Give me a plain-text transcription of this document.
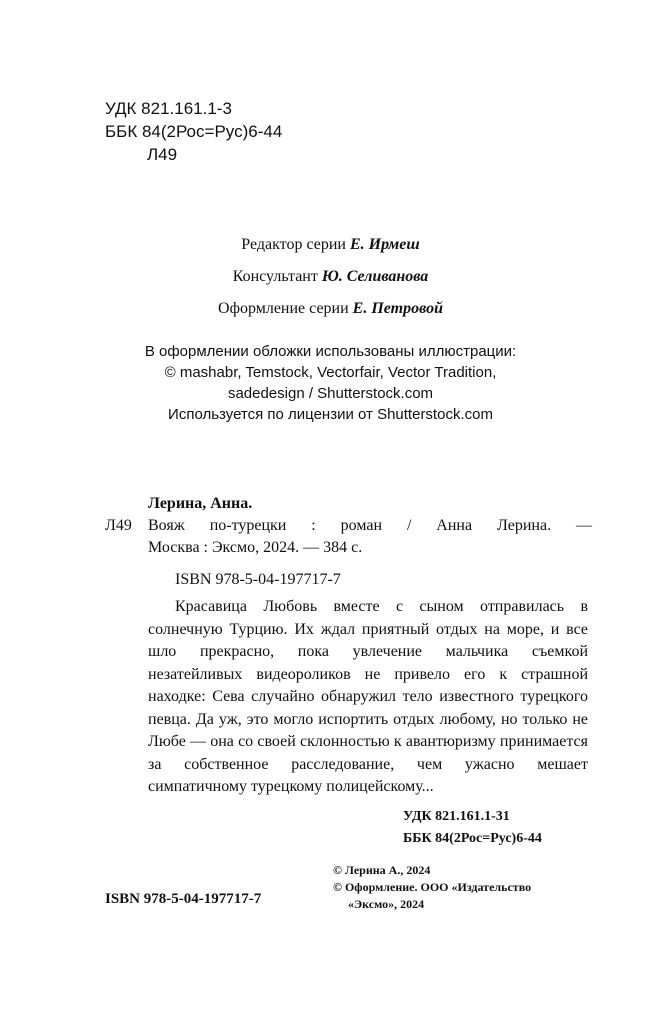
УДК 821.161.1-3
ББК 84(2Рос=Рус)6-44
Л49
Редактор серии Е. Ирмеш
Консультант Ю. Селиванова
Оформление серии Е. Петровой
В оформлении обложки использованы иллюстрации:
© mashabr, Temstock, Vectorfair, Vector Tradition,
sadedesign / Shutterstock.com
Используется по лицензии от Shutterstock.com
Лерина, Анна.
Л49	Вояж по-турецки : роман / Анна Лерина. —
Москва : Эксмо, 2024. — 384 с.
ISBN 978-5-04-197717-7

Красавица Любовь вместе с сыном отправилась в солнечную Турцию. Их ждал приятный отдых на море, и все шло прекрасно, пока увлечение мальчика съемкой незатейливых видеороликов не привело его к страшной находке: Сева случайно обнаружил тело известного турецкого певца. Да уж, это могло испортить отдых любому, но только не Любе — она со своей склонностью к авантюризму принимается за собственное расследование, чем ужасно мешает симпатичному турецкому полицейскому...

УДК 821.161.1-31
ББК 84(2Рос=Рус)6-44
ISBN 978-5-04-197717-7
© Лерина А., 2024
© Оформление. ООО «Издательство
«Эксмо», 2024
